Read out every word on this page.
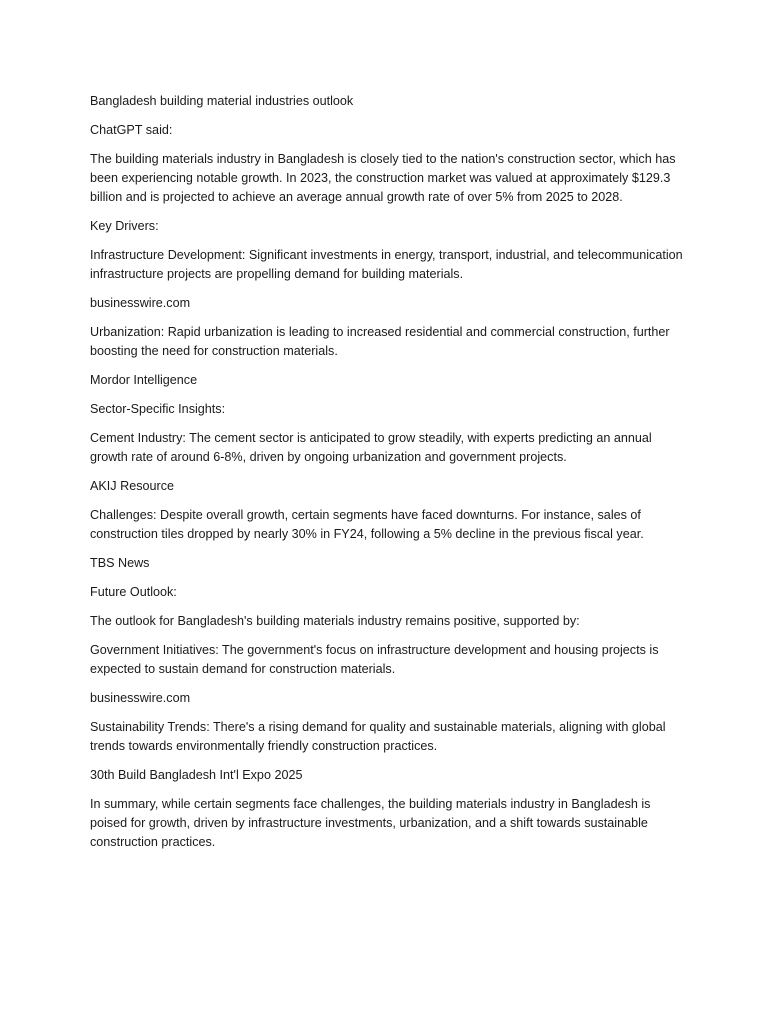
Bangladesh building material industries outlook

ChatGPT said:

The building materials industry in Bangladesh is closely tied to the nation's construction sector, which has been experiencing notable growth. In 2023, the construction market was valued at approximately $129.3 billion and is projected to achieve an average annual growth rate of over 5% from 2025 to 2028.

Key Drivers:

Infrastructure Development: Significant investments in energy, transport, industrial, and telecommunication infrastructure projects are propelling demand for building materials.

businesswire.com

Urbanization: Rapid urbanization is leading to increased residential and commercial construction, further boosting the need for construction materials.

Mordor Intelligence

Sector-Specific Insights:

Cement Industry: The cement sector is anticipated to grow steadily, with experts predicting an annual growth rate of around 6-8%, driven by ongoing urbanization and government projects.

AKIJ Resource

Challenges: Despite overall growth, certain segments have faced downturns. For instance, sales of construction tiles dropped by nearly 30% in FY24, following a 5% decline in the previous fiscal year.

TBS News

Future Outlook:

The outlook for Bangladesh's building materials industry remains positive, supported by:

Government Initiatives: The government's focus on infrastructure development and housing projects is expected to sustain demand for construction materials.

businesswire.com

Sustainability Trends: There's a rising demand for quality and sustainable materials, aligning with global trends towards environmentally friendly construction practices.

30th Build Bangladesh Int'l Expo 2025

In summary, while certain segments face challenges, the building materials industry in Bangladesh is poised for growth, driven by infrastructure investments, urbanization, and a shift towards sustainable construction practices.
